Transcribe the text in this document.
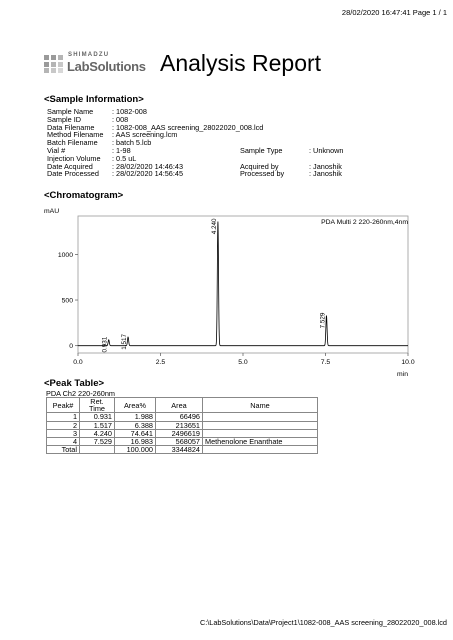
28/02/2020 16:47:41 Page 1 / 1
SHIMADZU
LabSolutions Analysis Report
<Sample Information>
Sample Name	: 1082-008
Sample ID	: 008
Data Filename : 1082-008_AAS screening_28022020_008.lcd
Method Filename : AAS screening.lcm
Batch Filename : batch 5.lcb
Vial #	: 1-98	Sample Type	: Unknown
Injection Volume : 0.5 uL
Date Acquired	: 28/02/2020 14:46:43	Acquired by	: Janoshik
Date Processed : 28/02/2020 14:56:45	Processed by	: Janoshik
<Chromatogram>
mAU
PDA Multi 2 220-260nm,4nm
min
0.0	2.5	5.0	7.5	10.0
0
500
1000
0.931 1.517
4.240
7.529
<Peak Table>
PDA Ch2 220-260nm
Peak#	Ret. Time	Area%	Area	Name
1	0.931	1.988	66496	
2	1.517	6.388	213651	
3	4.240	74.641	2496619	
4	7.529	16.983	568057	Methenolone Enanthate
Total		100.000	3344824	
C:\LabSolutions\Data\Project1\1082-008_AAS screening_28022020_008.lcd
